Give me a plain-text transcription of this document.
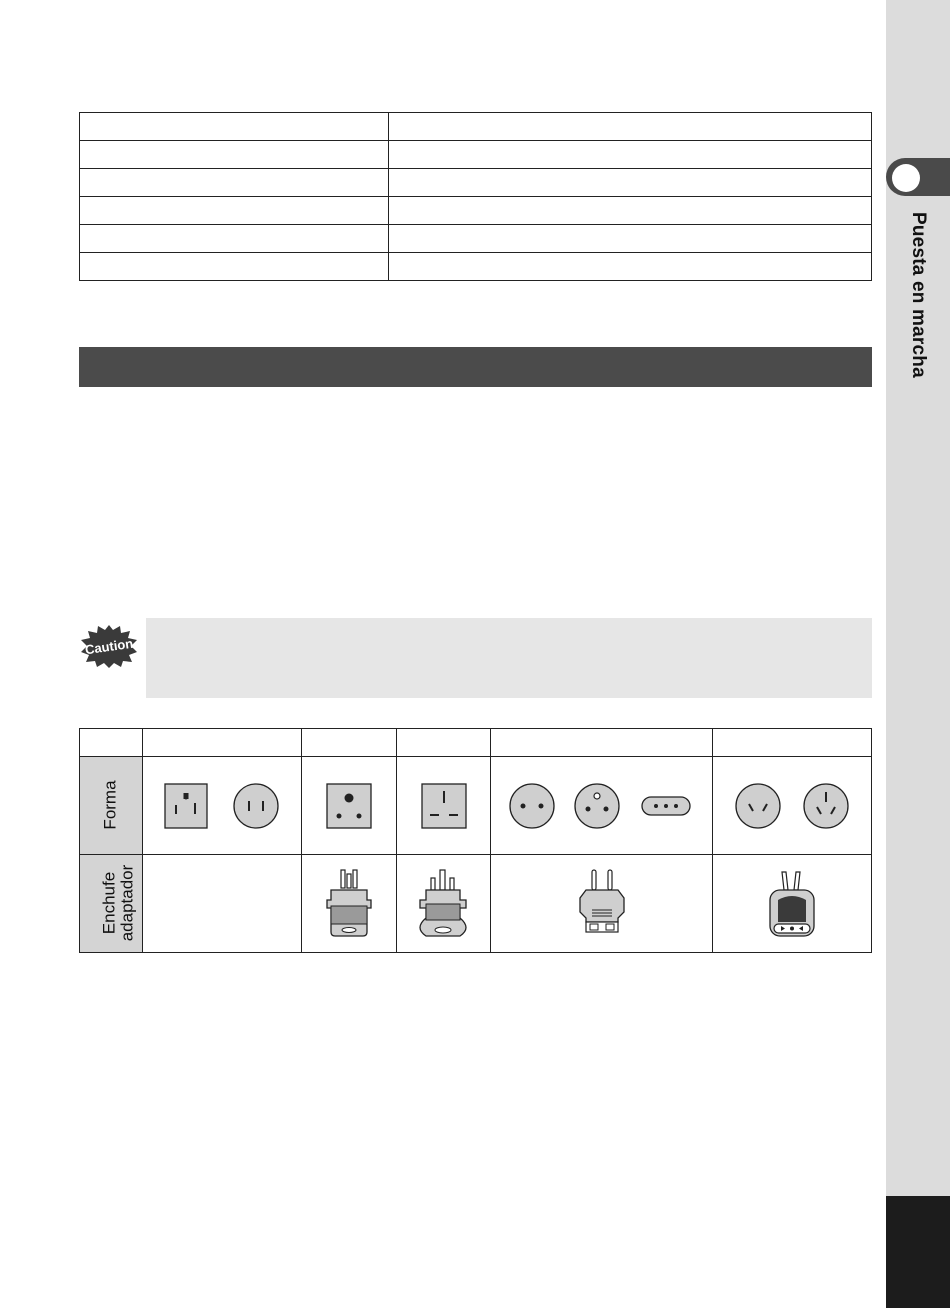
Caution

Forma					
Enchufe
adaptador					
Puesta en marcha
